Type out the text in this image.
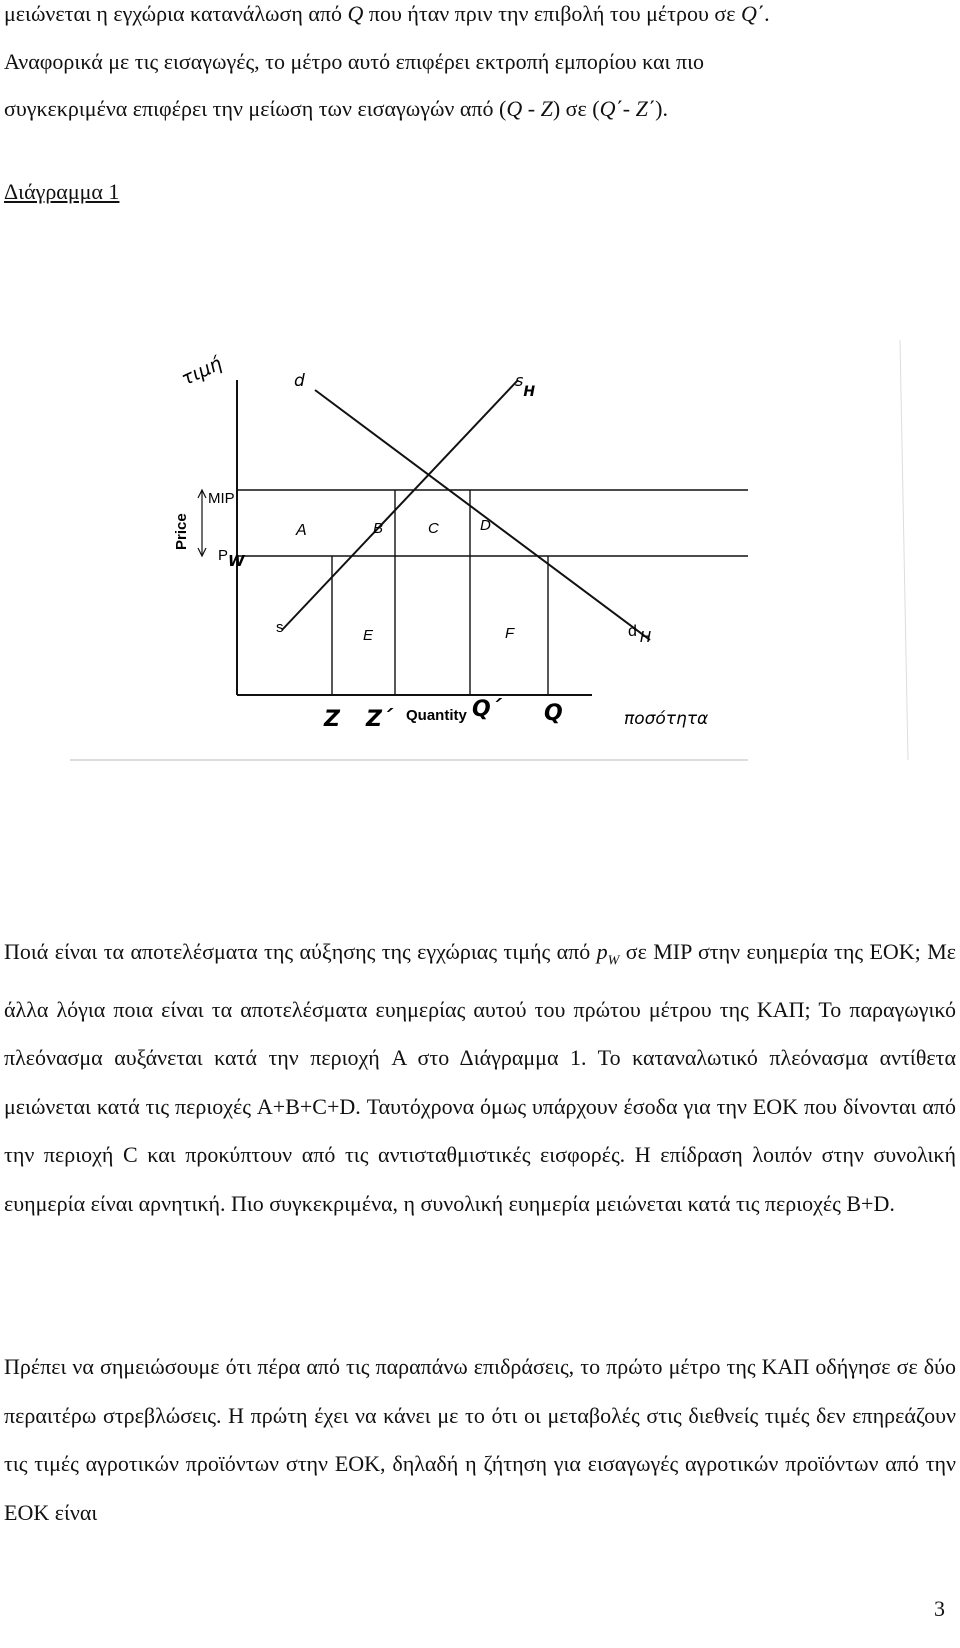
μειώνεται η εγχώρια κατανάλωση από Q που ήταν πριν την επιβολή του μέτρου σε Q΄.
Αναφορικά με τις εισαγωγές, το μέτρο αυτό επιφέρει εκτροπή εμπορίου και πιο
συγκεκριμένα επιφέρει την μείωση των εισαγωγών από (Q - Z) σε (Q΄- Z΄).

Διάγραμμα 1

τιμή
Price
MIP
PW
d	sH
s	d H
A	B	C	D
E	F
Z Z΄ Quantity Q΄ Q	ποσότητα

Ποιά είναι τα αποτελέσματα της αύξησης της εγχώριας τιμής από $p_W$ σε MIP στην ευημερία της ΕΟΚ; Με άλλα λόγια ποια είναι τα αποτελέσματα ευημερίας αυτού του πρώτου μέτρου της ΚΑΠ; Το παραγωγικό πλεόνασμα αυξάνεται κατά την περιοχή A στο Διάγραμμα 1. Το καταναλωτικό πλεόνασμα αντίθετα μειώνεται κατά τις περιοχές A+B+C+D. Ταυτόχρονα όμως υπάρχουν έσοδα για την ΕΟΚ που δίνονται από την περιοχή C και προκύπτουν από τις αντισταθμιστικές εισφορές. Η επίδραση λοιπόν στην συνολική ευημερία είναι αρνητική. Πιο συγκεκριμένα, η συνολική ευημερία μειώνεται κατά τις περιοχές B+D.

Πρέπει να σημειώσουμε ότι πέρα από τις παραπάνω επιδράσεις, το πρώτο μέτρο της ΚΑΠ οδήγησε σε δύο περαιτέρω στρεβλώσεις. Η πρώτη έχει να κάνει με το ότι οι μεταβολές στις διεθνείς τιμές δεν επηρεάζουν τις τιμές αγροτικών προϊόντων στην ΕΟΚ, δηλαδή η ζήτηση για εισαγωγές αγροτικών προϊόντων από την ΕΟΚ είναι

3
